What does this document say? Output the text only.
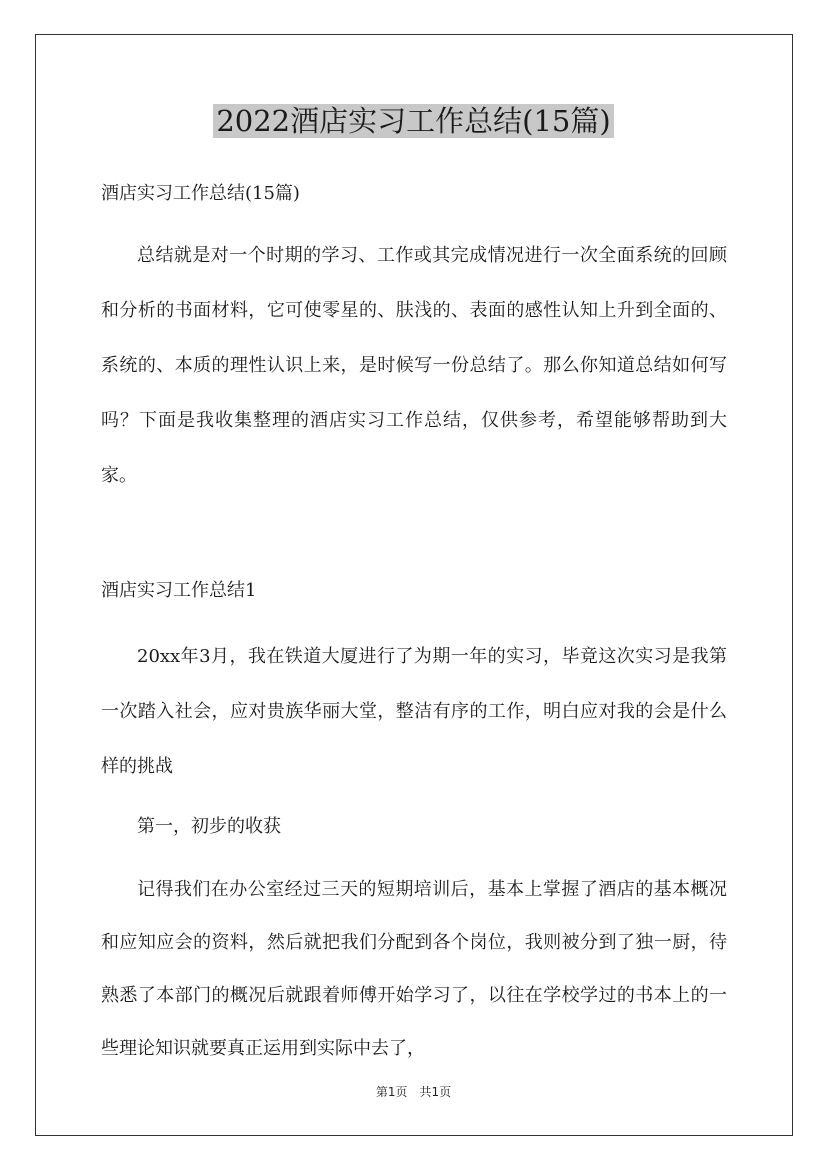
2022酒店实习工作总结(15篇)
酒店实习工作总结(15篇)

总结就是对一个时期的学习、工作或其完成情况进行一次全面系统的回顾和分析的书面材料，它可使零星的、肤浅的、表面的感性认知上升到全面的、系统的、本质的理性认识上来，是时候写一份总结了。那么你知道总结如何写吗？下面是我收集整理的酒店实习工作总结，仅供参考，希望能够帮助到大家。

酒店实习工作总结1

20xx年3月，我在铁道大厦进行了为期一年的实习，毕竟这次实习是我第一次踏入社会，应对贵族华丽大堂，整洁有序的工作，明白应对我的会是什么样的挑战

第一，初步的收获

记得我们在办公室经过三天的短期培训后，基本上掌握了酒店的基本概况和应知应会的资料，然后就把我们分配到各个岗位，我则被分到了独一厨，待熟悉了本部门的概况后就跟着师傅开始学习了，以往在学校学过的书本上的一些理论知识就要真正运用到实际中去了，

第1页　共1页
